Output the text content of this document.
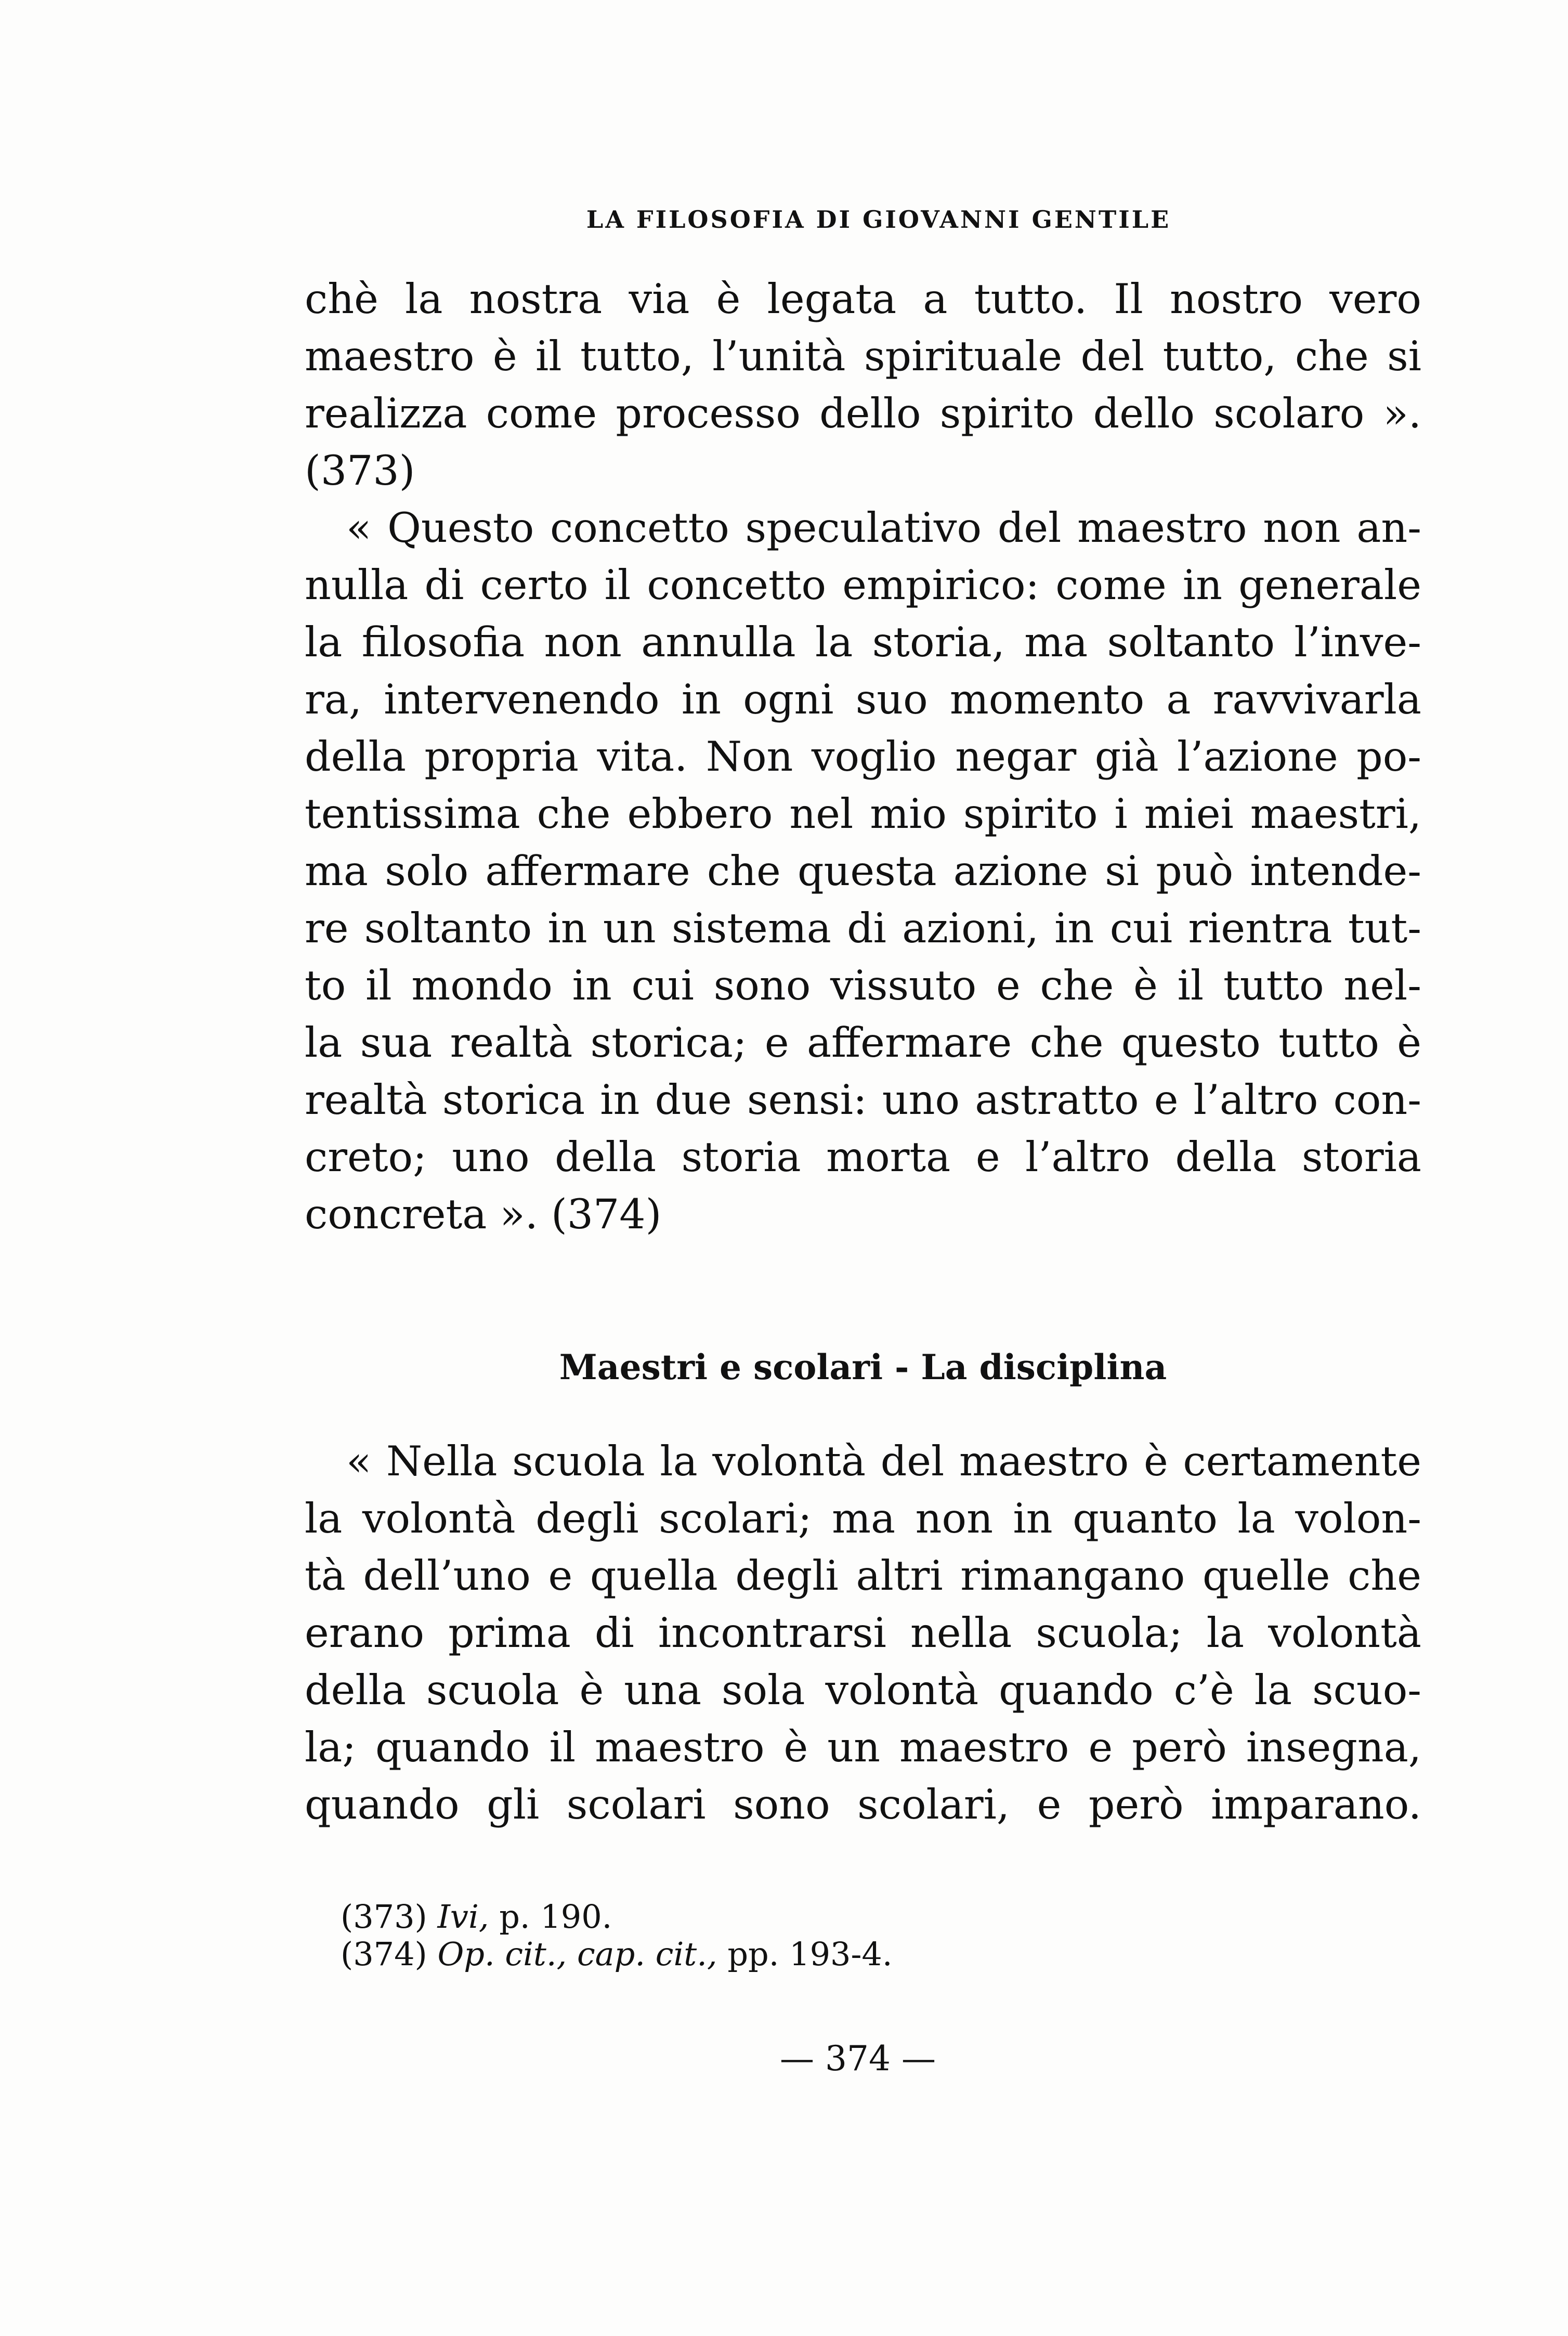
LA FILOSOFIA DI GIOVANNI GENTILE
chè la nostra via è legata a tutto. Il nostro vero
maestro è il tutto, l’unità spirituale del tutto, che si
realizza come processo dello spirito dello scolaro ».
(373)
« Questo concetto speculativo del maestro non an-
nulla di certo il concetto empirico: come in generale
la filosofia non annulla la storia, ma soltanto l’inve-
ra, intervenendo in ogni suo momento a ravvivarla
della propria vita. Non voglio negar già l’azione po-
tentissima che ebbero nel mio spirito i miei maestri,
ma solo affermare che questa azione si può intende-
re soltanto in un sistema di azioni, in cui rientra tut-
to il mondo in cui sono vissuto e che è il tutto nel-
la sua realtà storica; e affermare che questo tutto è
realtà storica in due sensi: uno astratto e l’altro con-
creto; uno della storia morta e l’altro della storia
concreta ». (374)
Maestri e scolari - La disciplina
« Nella scuola la volontà del maestro è certamente
la volontà degli scolari; ma non in quanto la volon-
tà dell’uno e quella degli altri rimangano quelle che
erano prima di incontrarsi nella scuola; la volontà
della scuola è una sola volontà quando c’è la scuo-
la; quando il maestro è un maestro e però insegna,
quando gli scolari sono scolari, e però imparano.
(373) Ivi, p. 190.
(374) Op. cit., cap. cit., pp. 193-4.
— 374 —
